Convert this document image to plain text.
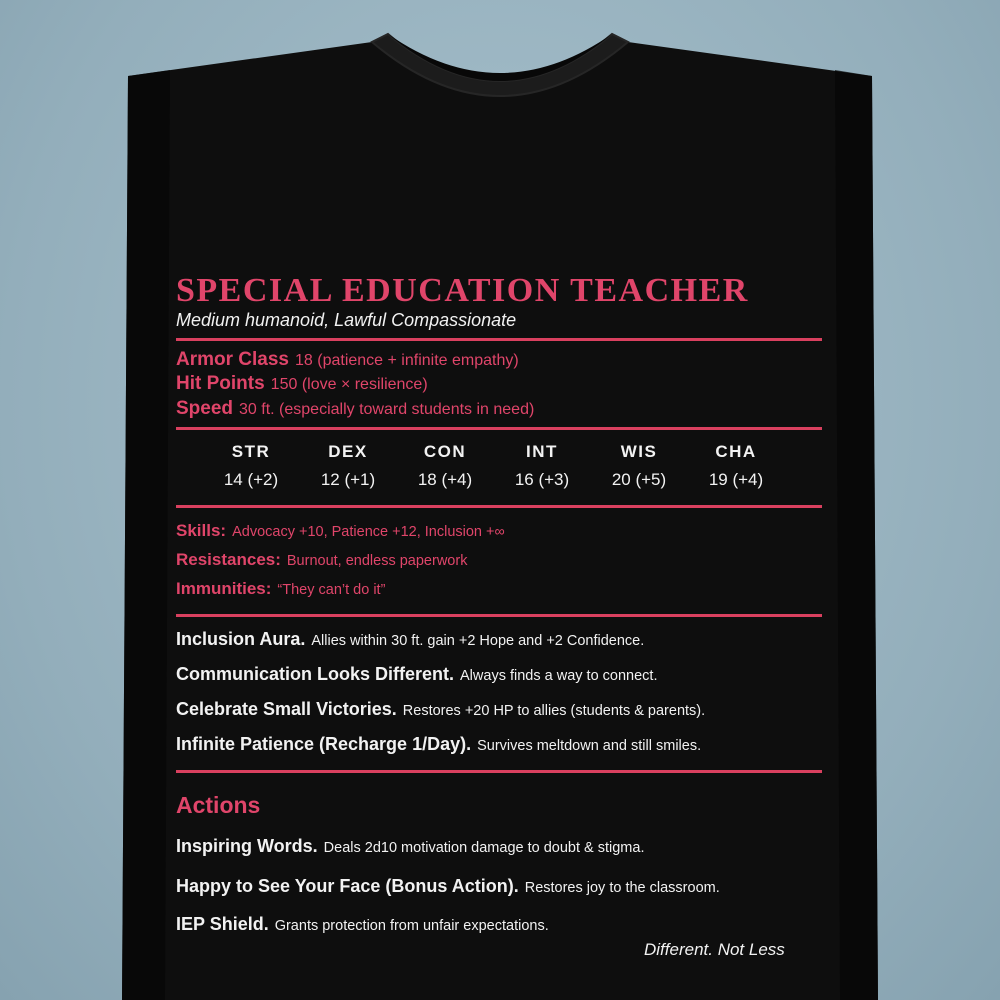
SPECIAL EDUCATION TEACHER
Medium humanoid, Lawful Compassionate
Armor Class 18 (patience + infinite empathy)
Hit Points 150 (love × resilience)
Speed 30 ft. (especially toward students in need)
STR
14 (+2)
DEX
12 (+1)
CON
18 (+4)
INT
16 (+3)
WIS
20 (+5)
CHA
19 (+4)
Skills: Advocacy +10, Patience +12, Inclusion +∞
Resistances: Burnout, endless paperwork
Immunities: “They can’t do it”
Inclusion Aura. Allies within 30 ft. gain +2 Hope and +2 Confidence.
Communication Looks Different. Always finds a way to connect.
Celebrate Small Victories. Restores +20 HP to allies (students & parents).
Infinite Patience (Recharge 1/Day). Survives meltdown and still smiles.
Actions
Inspiring Words. Deals 2d10 motivation damage to doubt & stigma.
Happy to See Your Face (Bonus Action). Restores joy to the classroom.
IEP Shield. Grants protection from unfair expectations.
Different. Not Less
